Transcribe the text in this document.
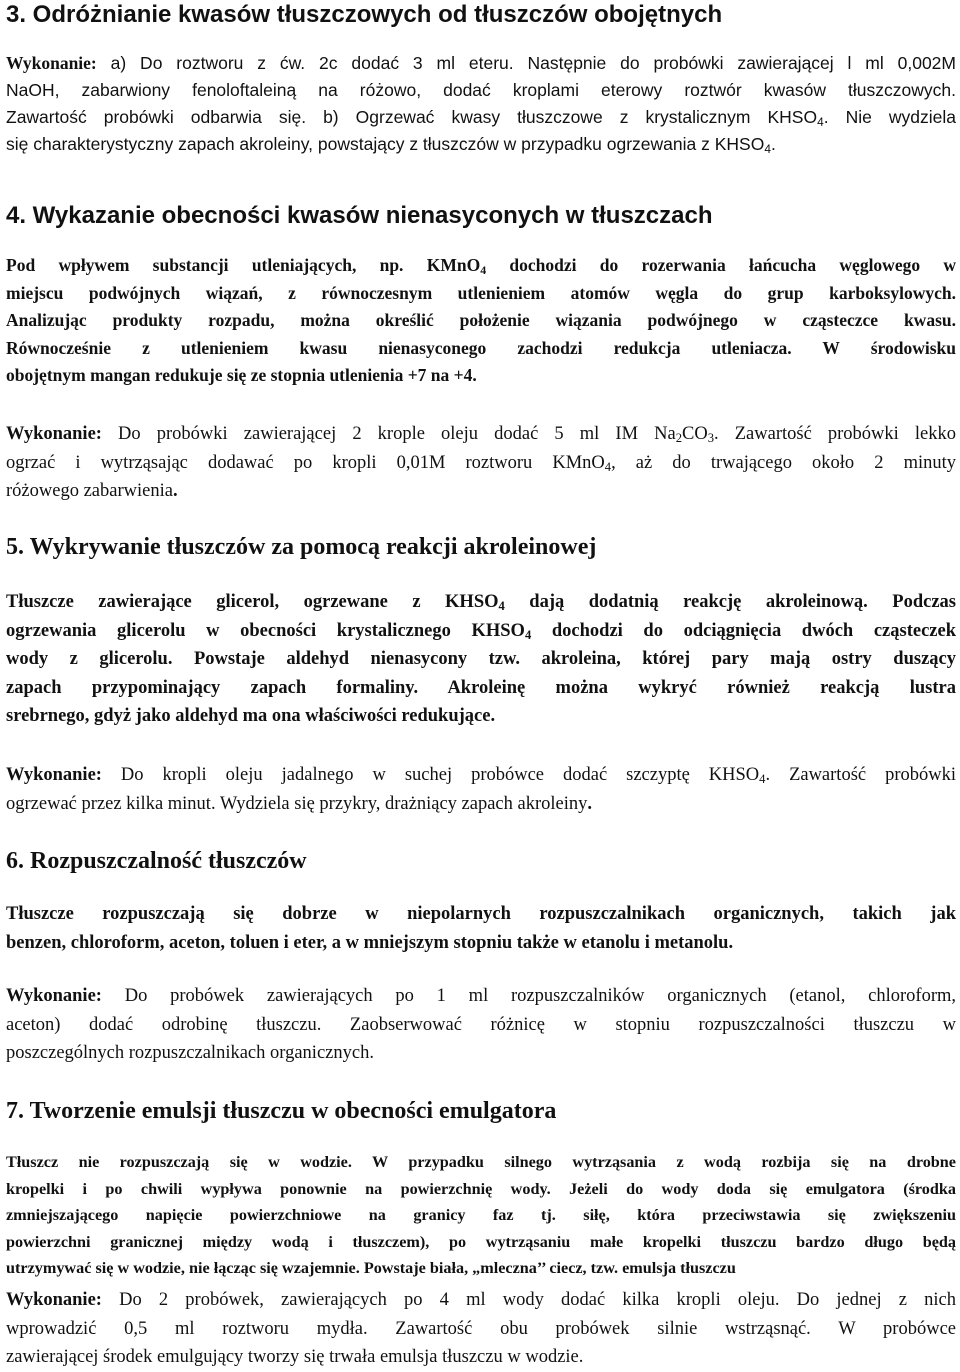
3. Odróżnianie kwasów tłuszczowych od tłuszczów obojętnych
Wykonanie: a) Do roztworu z ćw. 2c dodać 3 ml eteru. Następnie do probówki zawierającej l ml 0,002M
NaOH, zabarwiony fenoloftaleiną na różowo, dodać kroplami eterowy roztwór kwasów tłuszczowych.
Zawartość probówki odbarwia się. b) Ogrzewać kwasy tłuszczowe z krystalicznym $KHSO_4$. Nie wydziela
się charakterystyczny zapach akroleiny, powstający z tłuszczów w przypadku ogrzewania z $KHSO_4$.
4. Wykazanie obecności kwasów nienasyconych w tłuszczach
Pod wpływem substancji utleniających, np. KMnO$_4$ dochodzi do rozerwania łańcucha węglowego w
miejscu podwójnych wiązań, z równoczesnym utlenieniem atomów węgla do grup karboksylowych.
Analizując produkty rozpadu, można określić położenie wiązania podwójnego w cząsteczce kwasu.
Równocześnie z utlenieniem kwasu nienasyconego zachodzi redukcja utleniacza. W środowisku
obojętnym mangan redukuje się ze stopnia utlenienia +7 na +4.
Wykonanie: Do probówki zawierającej 2 krople oleju dodać 5 ml IM $Na_2CO_3$. Zawartość probówki lekko
ogrzać i wytrząsając dodawać po kropli 0,01M roztworu KMnO$_4$, aż do trwającego około 2 minuty
różowego zabarwienia.
5. Wykrywanie tłuszczów za pomocą reakcji akroleinowej
Tłuszcze zawierające glicerol, ogrzewane z $KHSO_4$ dają dodatnią reakcję akroleinową. Podczas
ogrzewania glicerolu w obecności krystalicznego $KHSO_4$ dochodzi do odciągnięcia dwóch cząsteczek
wody z glicerolu. Powstaje aldehyd nienasycony tzw. akroleina, której pary mają ostry duszący
zapach przypominający zapach formaliny. Akroleinę można wykryć również reakcją lustra
srebrnego, gdyż jako aldehyd ma ona właściwości redukujące.
Wykonanie: Do kropli oleju jadalnego w suchej probówce dodać szczyptę $KHSO_4$. Zawartość probówki
ogrzewać przez kilka minut. Wydziela się przykry, drażniący zapach akroleiny.
6. Rozpuszczalność tłuszczów
Tłuszcze rozpuszczają się dobrze w niepolarnych rozpuszczalnikach organicznych, takich jak
benzen, chloroform, aceton, toluen i eter, a w mniejszym stopniu także w etanolu i metanolu.
Wykonanie: Do probówek zawierających po 1 ml rozpuszczalników organicznych (etanol, chloroform,
aceton) dodać odrobinę tłuszczu. Zaobserwować różnicę w stopniu rozpuszczalności tłuszczu w
poszczególnych rozpuszczalnikach organicznych.
7. Tworzenie emulsji tłuszczu w obecności emulgatora
Tłuszcz nie rozpuszczają się w wodzie. W przypadku silnego wytrząsania z wodą rozbija się na drobne
kropelki i po chwili wypływa ponownie na powierzchnię wody. Jeżeli do wody doda się emulgatora (środka
zmniejszającego napięcie powierzchniowe na granicy faz tj. siłę, która przeciwstawia się zwiększeniu
powierzchni granicznej między wodą i tłuszczem), po wytrząsaniu małe kropelki tłuszczu bardzo długo będą
utrzymywać się w wodzie, nie łącząc się wzajemnie. Powstaje biała, „mleczna’’ ciecz, tzw. emulsja tłuszczu
Wykonanie: Do 2 probówek, zawierających po 4 ml wody dodać kilka kropli oleju. Do jednej z nich
wprowadzić 0,5 ml roztworu mydła. Zawartość obu probówek silnie wstrząsnąć. W probówce
zawierającej środek emulgujący tworzy się trwała emulsja tłuszczu w wodzie.
